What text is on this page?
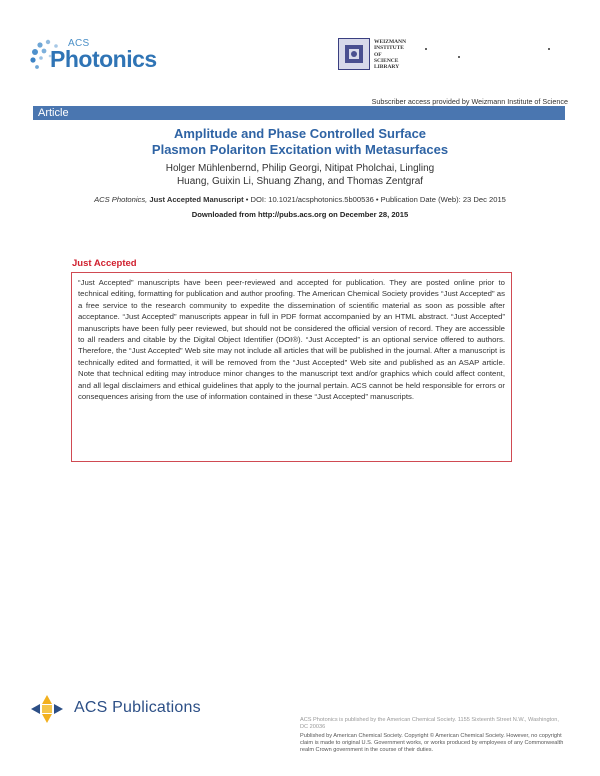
ACS
Photonics
WEIZMANN
INSTITUTE
OF
SCIENCE
LIBRARY
Subscriber access provided by Weizmann Institute of Science
Article
Amplitude and Phase Controlled Surface
Plasmon Polariton Excitation with Metasurfaces
Holger Mühlenbernd, Philip Georgi, Nitipat Pholchai, Lingling
Huang, Guixin Li, Shuang Zhang, and Thomas Zentgraf
ACS Photonics, Just Accepted Manuscript • DOI: 10.1021/acsphotonics.5b00536 • Publication Date (Web): 23 Dec 2015
Downloaded from http://pubs.acs.org on December 28, 2015
Just Accepted

“Just Accepted” manuscripts have been peer-reviewed and accepted for publication. They are posted online prior to technical editing, formatting for publication and author proofing. The American Chemical Society provides “Just Accepted” as a free service to the research community to expedite the dissemination of scientific material as soon as possible after acceptance. “Just Accepted” manuscripts appear in full in PDF format accompanied by an HTML abstract. “Just Accepted” manuscripts have been fully peer reviewed, but should not be considered the official version of record. They are accessible to all readers and citable by the Digital Object Identifier (DOI®). “Just Accepted” is an optional service offered to authors. Therefore, the “Just Accepted” Web site may not include all articles that will be published in the journal. After a manuscript is technically edited and formatted, it will be removed from the “Just Accepted” Web site and published as an ASAP article. Note that technical editing may introduce minor changes to the manuscript text and/or graphics which could affect content, and all legal disclaimers and ethical guidelines that apply to the journal pertain. ACS cannot be held responsible for errors or consequences arising from the use of information contained in these “Just Accepted” manuscripts.

ACS Publications
ACS Photonics is published by the American Chemical Society. 1155 Sixteenth Street N.W., Washington, DC 20036
Published by American Chemical Society. Copyright © American Chemical Society. However, no copyright claim is made to original U.S. Government works, or works produced by employees of any Commonwealth realm Crown government in the course of their duties.
